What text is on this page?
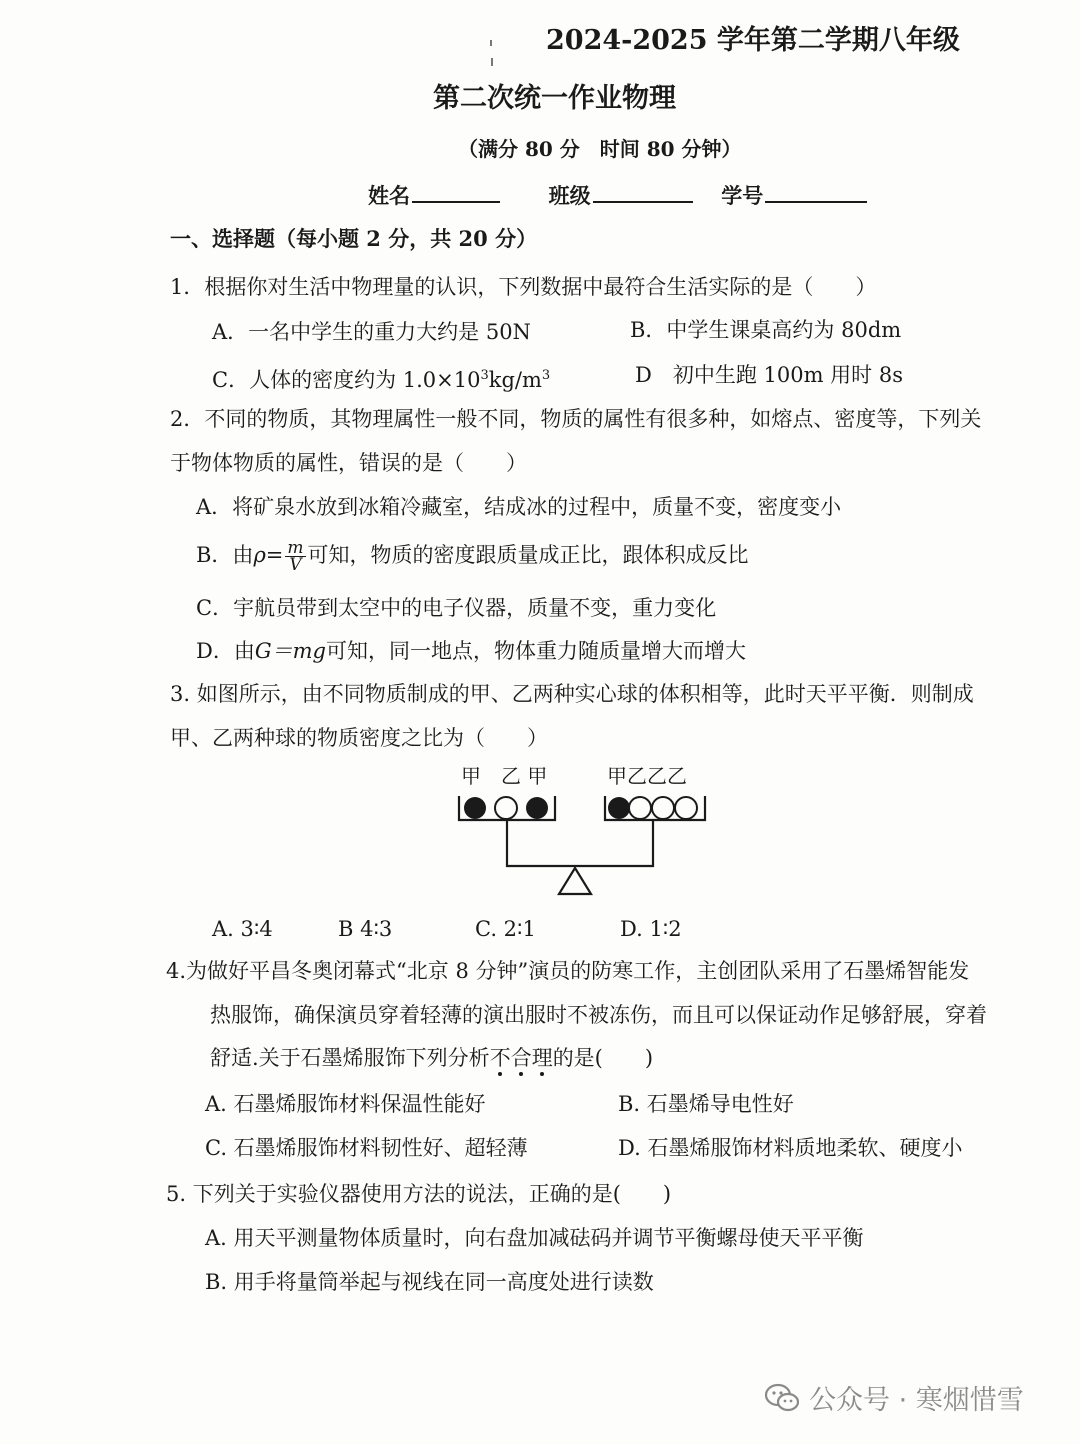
2024-2025 学年第二学期八年级
第二次统一作业物理
（满分 80 分　时间 80 分钟）
姓名	班级	学号
一、选择题（每小题 2 分，共 20 分）
1．根据你对生活中物理量的认识，下列数据中最符合生活实际的是（　　）
A．一名中学生的重力大约是 50N	B．中学生课桌高约为 80dm
C．人体的密度约为 $1.0\times 10^3kg/m^3$	D　初中生跑 100m 用时 8s
2．不同的物质，其物理属性一般不同，物质的属性有很多种，如熔点、密度等，下列关
于物体物质的属性，错误的是（　　）
A．将矿泉水放到冰箱冷藏室，结成冰的过程中，质量不变，密度变小
B．由$\rho= \frac{m}{V}$ 可知，物质的密度跟质量成正比，跟体积成反比
C．宇航员带到太空中的电子仪器，质量不变，重力变化
D．由G＝mg可知，同一地点，物体重力随质量增大而增大
3. 如图所示，由不同物质制成的甲、乙两种实心球的体积相等，此时天平平衡．则制成
甲、乙两种球的物质密度之比为（　　）
甲　乙 甲	甲乙乙乙
A. 3∶4	B 4∶3	C. 2∶1	D. 1∶2
4.为做好平昌冬奥闭幕式“北京 8 分钟”演员的防寒工作，主创团队采用了石墨烯智能发
热服饰，确保演员穿着轻薄的演出服时不被冻伤，而且可以保证动作足够舒展，穿着
舒适.关于石墨烯服饰下列分析不合理的是(　　)
A. 石墨烯服饰材料保温性能好	B. 石墨烯导电性好
C. 石墨烯服饰材料韧性好、超轻薄	D. 石墨烯服饰材料质地柔软、硬度小
5. 下列关于实验仪器使用方法的说法，正确的是(　　)
A. 用天平测量物体质量时，向右盘加减砝码并调节平衡螺母使天平平衡
B. 用手将量筒举起与视线在同一高度处进行读数
公众号 · 寒烟惜雪
